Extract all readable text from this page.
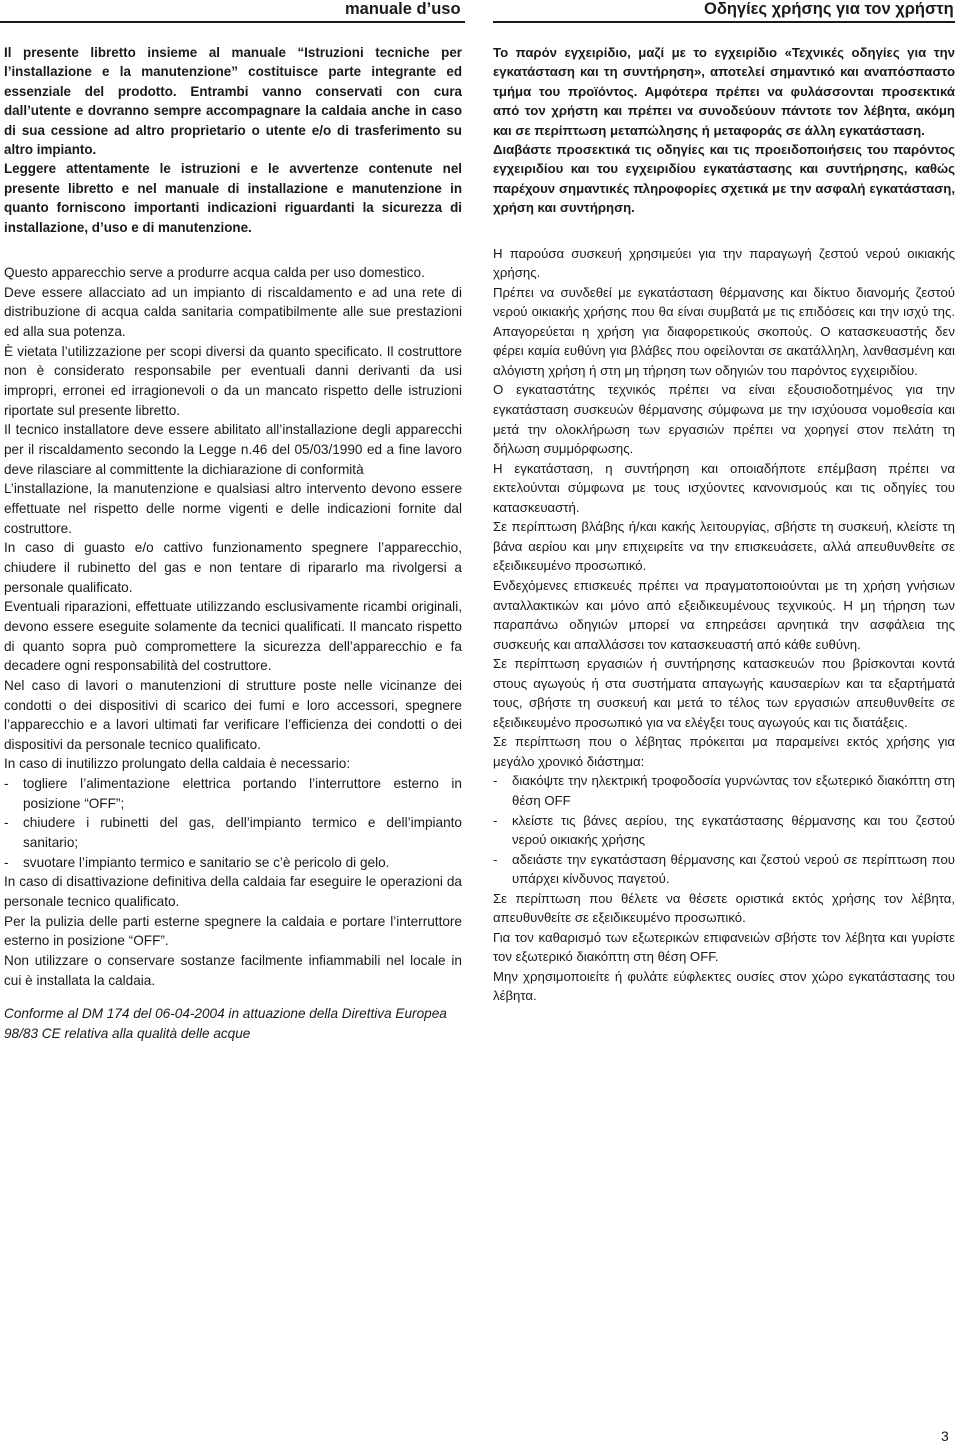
manuale d’uso	Οδηγίες χρήσης για τον χρήστη

Il presente libretto insieme al manuale “Istruzioni tecniche per l’installazione e la manutenzione” costituisce parte integrante ed essenziale del prodotto. Entrambi vanno conservati con cura dall’utente e dovranno sempre accompagnare la caldaia anche in caso di sua cessione ad altro proprietario o utente e/o di trasferimento su altro impianto.

Leggere attentamente le istruzioni e le avvertenze contenute nel presente libretto e nel manuale di installazione e manutenzione in quanto forniscono importanti indicazioni riguardanti la sicurezza di installazione, d’uso e di manutenzione.

Questo apparecchio serve a produrre acqua calda per uso domestico.

Deve essere allacciato ad un impianto di riscaldamento e ad una rete di distribuzione di acqua calda sanitaria compatibilmente alle sue prestazioni ed alla sua potenza.

È vietata l’utilizzazione per scopi diversi da quanto specificato. Il costruttore non è considerato responsabile per eventuali danni derivanti da usi impropri, erronei ed irragionevoli o da un mancato rispetto delle istruzioni riportate sul presente libretto.

Il tecnico installatore deve essere abilitato all’installazione degli apparecchi per il riscaldamento secondo la Legge n.46 del 05/03/1990 ed a fine lavoro deve rilasciare al committente la dichiarazione di conformità

L’installazione, la manutenzione e qualsiasi altro intervento devono essere effettuate nel rispetto delle norme vigenti e delle indicazioni fornite dal costruttore.

In caso di guasto e/o cattivo funzionamento spegnere l’apparecchio, chiudere il rubinetto del gas e non tentare di ripararlo ma rivolgersi a personale qualificato.

Eventuali riparazioni, effettuate utilizzando esclusivamente ricambi originali, devono essere eseguite solamente da tecnici qualificati. Il mancato rispetto di quanto sopra può compromettere la sicurezza dell’apparecchio e fa decadere ogni responsabilità del costruttore.

Nel caso di lavori o manutenzioni di strutture poste nelle vicinanze dei condotti o dei dispositivi di scarico dei fumi e loro accessori, spegnere l’apparecchio e a lavori ultimati far verificare l’efficienza dei condotti o dei dispositivi da personale tecnico qualificato.

In caso di inutilizzo prolungato della caldaia è necessario:

- togliere l’alimentazione elettrica portando l’interruttore esterno in posizione “OFF”;
- chiudere i rubinetti del gas, dell’impianto termico e dell’impianto sanitario;
- svuotare l’impianto termico e sanitario se c’è pericolo di gelo.

In caso di disattivazione definitiva della caldaia far eseguire le operazioni da personale tecnico qualificato.

Per la pulizia delle parti esterne spegnere la caldaia e portare l’interruttore esterno in posizione “OFF”.

Non utilizzare o conservare sostanze facilmente infiammabili nel locale in cui è installata la caldaia.

Conforme al DM 174 del 06-04-2004 in attuazione della Direttiva Europea 98/83 CE relativa alla qualità delle acque

Το παρόν εγχειρίδιο, μαζί με το εγχειρίδιο «Τεχνικές οδηγίες για την εγκατάσταση και τη συντήρηση», αποτελεί σημαντικό και αναπόσπαστο τμήμα του προϊόντος. Αμφότερα πρέπει να φυλάσσονται προσεκτικά από τον χρήστη και πρέπει να συνοδεύουν πάντοτε τον λέβητα, ακόμη και σε περίπτωση μεταπώλησης ή μεταφοράς σε άλλη εγκατάσταση.

Διαβάστε προσεκτικά τις οδηγίες και τις προειδοποιήσεις του παρόντος εγχειριδίου και του εγχειριδίου εγκατάστασης και συντήρησης, καθώς παρέχουν σημαντικές πληροφορίες σχετικά με την ασφαλή εγκατάσταση, χρήση και συντήρηση.

Η παρούσα συσκευή χρησιμεύει για την παραγωγή ζεστού νερού οικιακής χρήσης.

Πρέπει να συνδεθεί με εγκατάσταση θέρμανσης και δίκτυο διανομής ζεστού νερού οικιακής χρήσης που θα είναι συμβατά με τις επιδόσεις και την ισχύ της. Απαγορεύεται η χρήση για διαφορετικούς σκοπούς. Ο κατασκευαστής δεν φέρει καμία ευθύνη για βλάβες που οφείλονται σε ακατάλληλη, λανθασμένη και αλόγιστη χρήση ή στη μη τήρηση των οδηγιών του παρόντος εγχειριδίου.

Ο εγκαταστάτης τεχνικός πρέπει να είναι εξουσιοδοτημένος για την εγκατάσταση συσκευών θέρμανσης σύμφωνα με την ισχύουσα νομοθεσία και μετά την ολοκλήρωση των εργασιών πρέπει να χορηγεί στον πελάτη τη δήλωση συμμόρφωσης.

Η εγκατάσταση, η συντήρηση και οποιαδήποτε επέμβαση πρέπει να εκτελούνται σύμφωνα με τους ισχύοντες κανονισμούς και τις οδηγίες του κατασκευαστή.

Σε περίπτωση βλάβης ή/και κακής λειτουργίας, σβήστε τη συσκευή, κλείστε τη βάνα αερίου και μην επιχειρείτε να την επισκευάσετε, αλλά απευθυνθείτε σε εξειδικευμένο προσωπικό.

Ενδεχόμενες επισκευές πρέπει να πραγματοποιούνται με τη χρήση γνήσιων ανταλλακτικών και μόνο από εξειδικευμένους τεχνικούς. Η μη τήρηση των παραπάνω οδηγιών μπορεί να επηρεάσει αρνητικά την ασφάλεια της συσκευής και απαλλάσσει τον κατασκευαστή από κάθε ευθύνη.

Σε περίπτωση εργασιών ή συντήρησης κατασκευών που βρίσκονται κοντά στους αγωγούς ή στα συστήματα απαγωγής καυσαερίων και τα εξαρτήματά τους, σβήστε τη συσκευή και μετά το τέλος των εργασιών απευθυνθείτε σε εξειδικευμένο προσωπικό για να ελέγξει τους αγωγούς και τις διατάξεις.

Σε περίπτωση που ο λέβητας πρόκειται μα παραμείνει εκτός χρήσης για μεγάλο χρονικό διάστημα:

- διακόψτε την ηλεκτρική τροφοδοσία γυρνώντας τον εξωτερικό διακόπτη στη θέση OFF
- κλείστε τις βάνες αερίου, της εγκατάστασης θέρμανσης και του ζεστού νερού οικιακής χρήσης
- αδειάστε την εγκατάσταση θέρμανσης και ζεστού νερού σε περίπτωση που υπάρχει κίνδυνος παγετού.

Σε περίπτωση που θέλετε να θέσετε οριστικά εκτός χρήσης τον λέβητα, απευθυνθείτε σε εξειδικευμένο προσωπικό.

Για τον καθαρισμό των εξωτερικών επιφανειών σβήστε τον λέβητα και γυρίστε τον εξωτερικό διακόπτη στη θέση OFF.

Μην χρησιμοποιείτε ή φυλάτε εύφλεκτες ουσίες στον χώρο εγκατάστασης του λέβητα.

3
